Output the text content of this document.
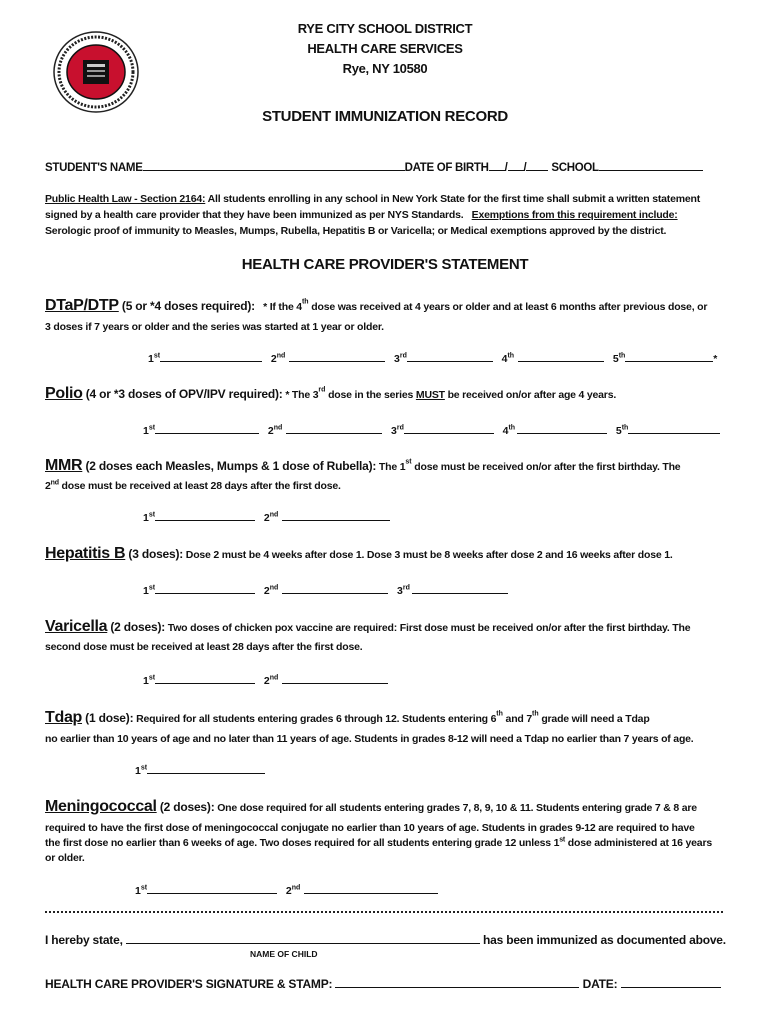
RYE CITY SCHOOL DISTRICT
HEALTH CARE SERVICES
Rye, NY 10580
STUDENT IMMUNIZATION RECORD
STUDENT'S NAME	DATE OF BIRTH / / SCHOOL
Public Health Law - Section 2164: All students enrolling in any school in New York State for the first time shall submit a written statement
signed by a health care provider that they have been immunized as per NYS Standards. Exemptions from this requirement include:
Serologic proof of immunity to Measles, Mumps, Rubella, Hepatitis B or Varicella; or Medical exemptions approved by the district.
HEALTH CARE PROVIDER'S STATEMENT
DTaP/DTP (5 or *4 doses required): * If the 4th dose was received at 4 years or older and at least 6 months after previous dose, or
3 doses if 7 years or older and the series was started at 1 year or older.
1st	2nd	3rd	4th	5th	*
Polio (4 or *3 doses of OPV/IPV required): * The 3rd dose in the series MUST be received on/or after age 4 years.
1st	2nd	3rd	4th	5th
MMR (2 doses each Measles, Mumps & 1 dose of Rubella): The 1st dose must be received on/or after the first birthday. The
2nd dose must be received at least 28 days after the first dose.
1st	2nd
Hepatitis B (3 doses): Dose 2 must be 4 weeks after dose 1. Dose 3 must be 8 weeks after dose 2 and 16 weeks after dose 1.
1st	2nd	3rd
Varicella (2 doses): Two doses of chicken pox vaccine are required: First dose must be received on/or after the first birthday. The
second dose must be received at least 28 days after the first dose.
1st	2nd
Tdap (1 dose): Required for all students entering grades 6 through 12. Students entering 6th and 7th grade will need a Tdap
no earlier than 10 years of age and no later than 11 years of age. Students in grades 8-12 will need a Tdap no earlier than 7 years of age.
1st
Meningococcal (2 doses): One dose required for all students entering grades 7, 8, 9, 10 & 11. Students entering grade 7 & 8 are
required to have the first dose of meningococcal conjugate no earlier than 10 years of age. Students in grades 9-12 are required to have
the first dose no earlier than 6 weeks of age. Two doses required for all students entering grade 12 unless 1st dose administered at 16 years
or older.
1st	2nd
I hereby state,	has been immunized as documented above.
NAME OF CHILD
HEALTH CARE PROVIDER'S SIGNATURE & STAMP:	DATE:
